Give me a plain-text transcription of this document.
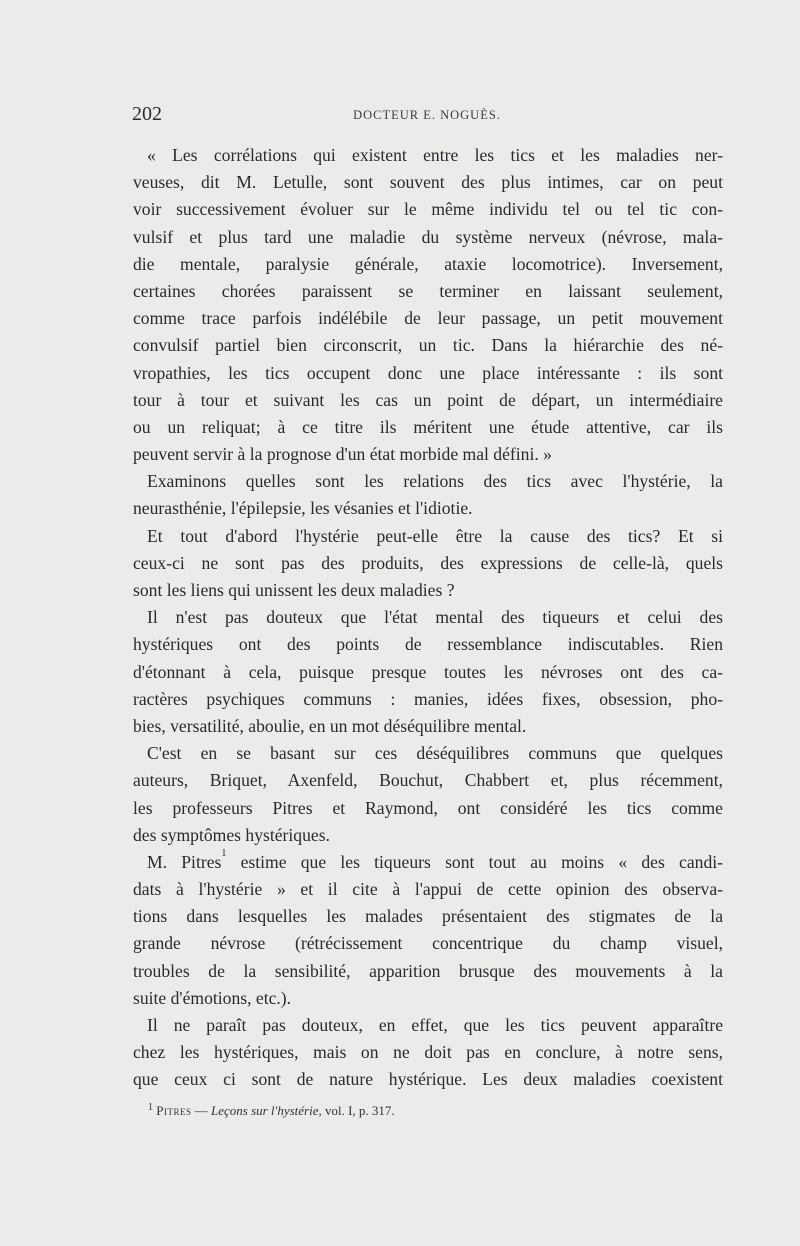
202	DOCTEUR E. NOGUÈS.
« Les corrélations qui existent entre les tics et les maladies ner-
veuses, dit M. Letulle, sont souvent des plus intimes, car on peut
voir successivement évoluer sur le même individu tel ou tel tic con-
vulsif et plus tard une maladie du système nerveux (névrose, mala-
die mentale, paralysie générale, ataxie locomotrice). Inversement,
certaines chorées paraissent se terminer en laissant seulement,
comme trace parfois indélébile de leur passage, un petit mouvement
convulsif partiel bien circonscrit, un tic. Dans la hiérarchie des né-
vropathies, les tics occupent donc une place intéressante : ils sont
tour à tour et suivant les cas un point de départ, un intermédiaire
ou un reliquat; à ce titre ils méritent une étude attentive, car ils
peuvent servir à la prognose d'un état morbide mal défini. »
Examinons quelles sont les relations des tics avec l'hystérie, la
neurasthénie, l'épilepsie, les vésanies et l'idiotie.
Et tout d'abord l'hystérie peut-elle être la cause des tics? Et si
ceux-ci ne sont pas des produits, des expressions de celle-là, quels
sont les liens qui unissent les deux maladies ?
Il n'est pas douteux que l'état mental des tiqueurs et celui des
hystériques ont des points de ressemblance indiscutables. Rien
d'étonnant à cela, puisque presque toutes les névroses ont des ca-
ractères psychiques communs : manies, idées fixes, obsession, pho-
bies, versatilité, aboulie, en un mot déséquilibre mental.
C'est en se basant sur ces déséquilibres communs que quelques
auteurs, Briquet, Axenfeld, Bouchut, Chabbert et, plus récemment,
les professeurs Pitres et Raymond, ont considéré les tics comme
des symptômes hystériques.
M. Pitres$^1$ estime que les tiqueurs sont tout au moins « des candi-
dats à l'hystérie » et il cite à l'appui de cette opinion des observa-
tions dans lesquelles les malades présentaient des stigmates de la
grande névrose (rétrécissement concentrique du champ visuel,
troubles de la sensibilité, apparition brusque des mouvements à la
suite d'émotions, etc.).
Il ne paraît pas douteux, en effet, que les tics peuvent apparaître
chez les hystériques, mais on ne doit pas en conclure, à notre sens,
que ceux ci sont de nature hystérique. Les deux maladies coexistent
$^1$ Pitres — Leçons sur l'hystérie, vol. I, p. 317.
